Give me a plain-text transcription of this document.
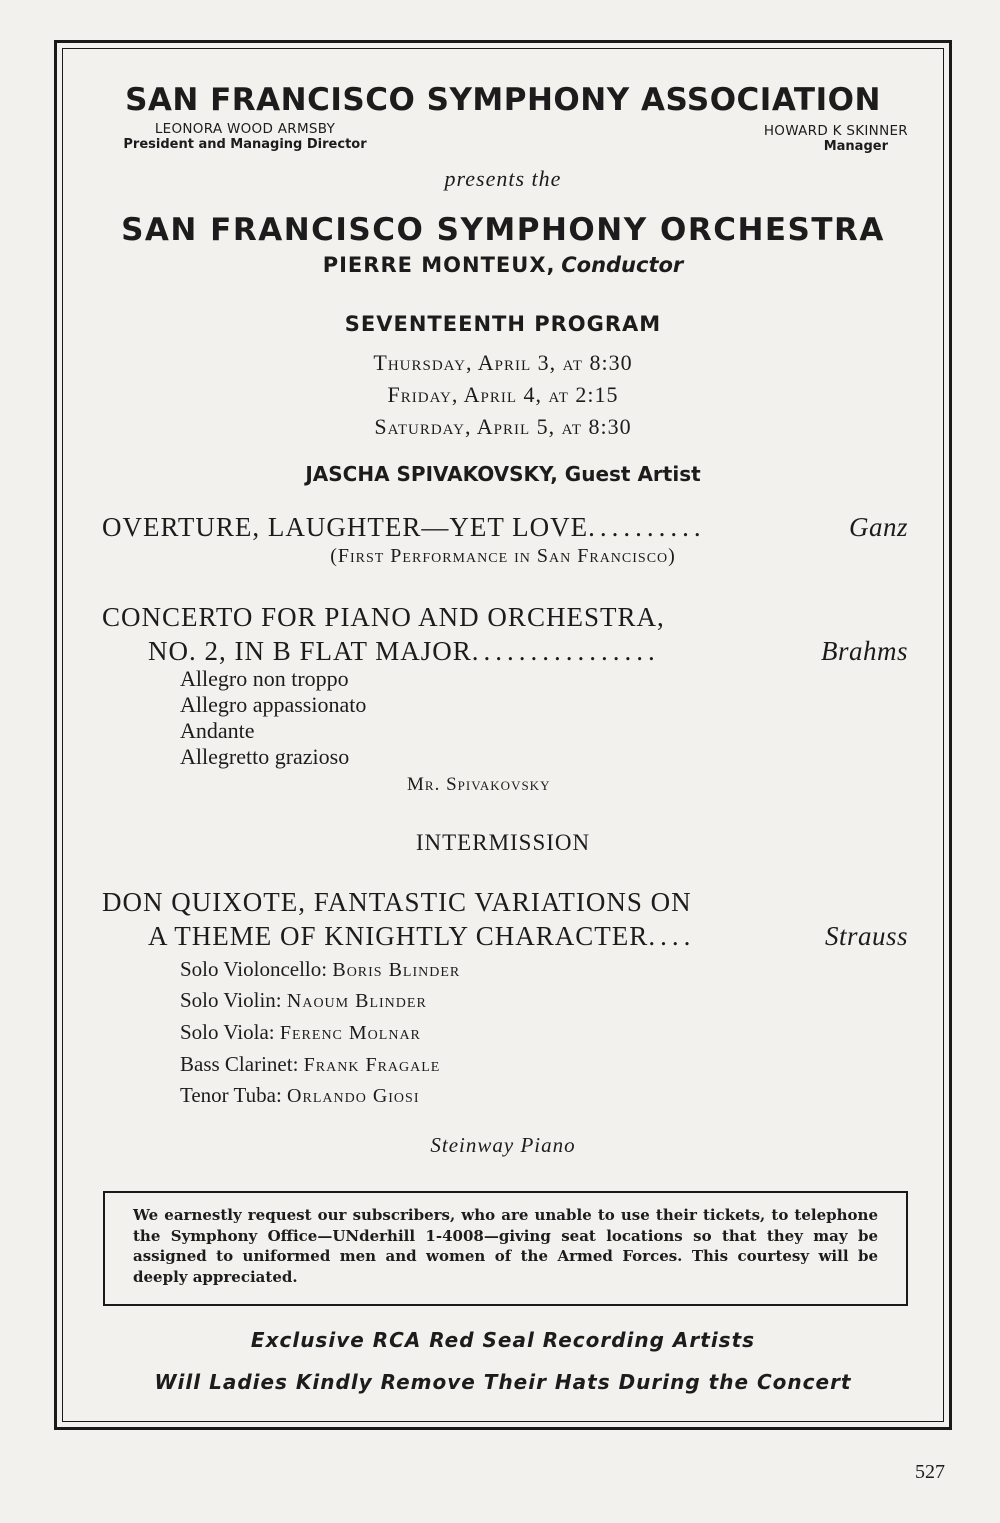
SAN FRANCISCO SYMPHONY ASSOCIATION
LEONORA WOOD ARMSBY
President and Managing Director
HOWARD K SKINNER
Manager
presents the
SAN FRANCISCO SYMPHONY ORCHESTRA
PIERRE MONTEUX, Conductor
SEVENTEENTH PROGRAM
Thursday, April 3, at 8:30
Friday, April 4, at 2:15
Saturday, April 5, at 8:30
JASCHA SPIVAKOVSKY, Guest Artist
OVERTURE, LAUGHTER—YET LOVE..........	Ganz
(First Performance in San Francisco)
CONCERTO FOR PIANO AND ORCHESTRA,
NO. 2, IN B FLAT MAJOR................	Brahms
Allegro non troppo
Allegro appassionato
Andante
Allegretto grazioso
Mr. Spivakovsky
INTERMISSION
DON QUIXOTE, FANTASTIC VARIATIONS ON
A THEME OF KNIGHTLY CHARACTER....	Strauss
Solo Violoncello: Boris Blinder
Solo Violin: Naoum Blinder
Solo Viola: Ferenc Molnar
Bass Clarinet: Frank Fragale
Tenor Tuba: Orlando Giosi
Steinway Piano
We earnestly request our subscribers, who are unable to use their tickets, to telephone the Symphony Office—UNderhill 1-4008—giving seat locations so that they may be assigned to uniformed men and women of the Armed Forces. This courtesy will be deeply appreciated.
Exclusive RCA Red Seal Recording Artists
Will Ladies Kindly Remove Their Hats During the Concert
527
